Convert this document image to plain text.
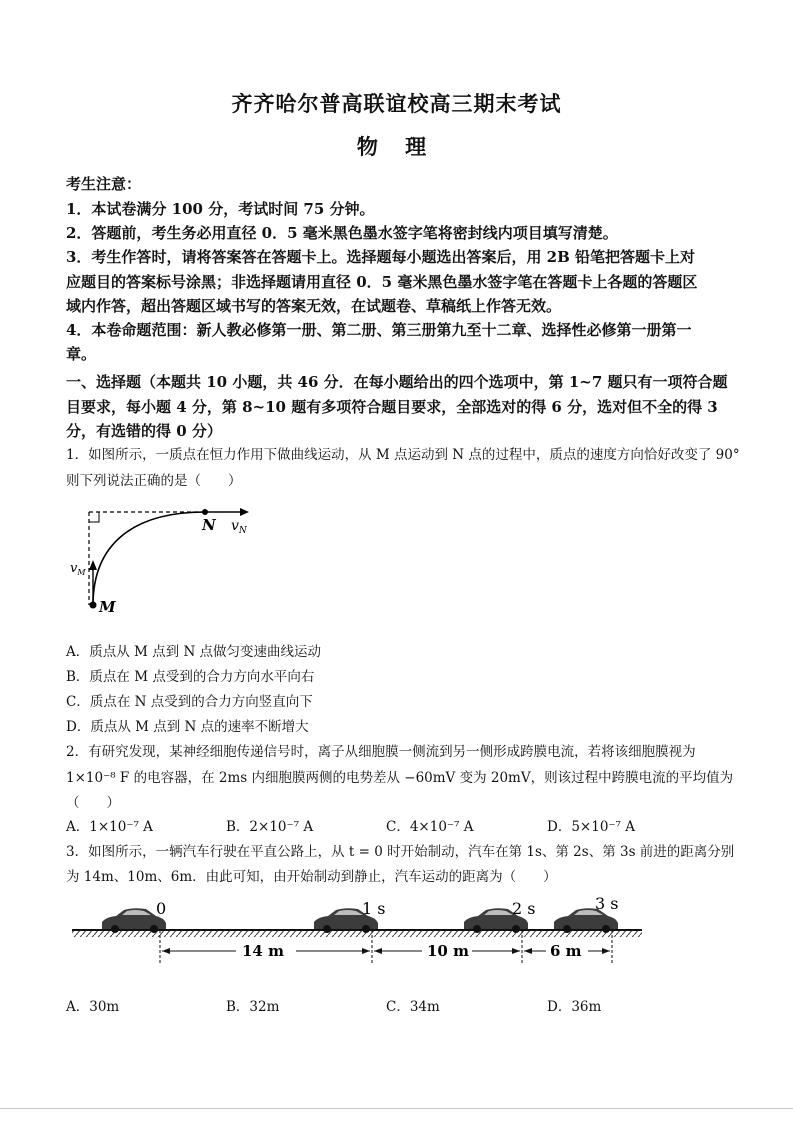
齐齐哈尔普高联谊校高三期末考试
物 理
考生注意：
1．本试卷满分 100 分，考试时间 75 分钟。
2．答题前，考生务必用直径 0．5 毫米黑色墨水签字笔将密封线内项目填写清楚。
3．考生作答时，请将答案答在答题卡上。选择题每小题选出答案后，用 2B 铅笔把答题卡上对
应题目的答案标号涂黑；非选择题请用直径 0．5 毫米黑色墨水签字笔在答题卡上各题的答题区
域内作答，超出答题区域书写的答案无效，在试题卷、草稿纸上作答无效。
4．本卷命题范围：新人教必修第一册、第二册、第三册第九至十二章、选择性必修第一册第一
章。
一、选择题（本题共 10 小题，共 46 分．在每小题给出的四个选项中，第 1~7 题只有一项符合题
目要求，每小题 4 分，第 8~10 题有多项符合题目要求，全部选对的得 6 分，选对但不全的得 3
分，有选错的得 0 分）
1．如图所示，一质点在恒力作用下做曲线运动，从 M 点运动到 N 点的过程中，质点的速度方向恰好改变了 90°
则下列说法正确的是（　　）
N $v_N$
$v_M$
M
A．质点从 M 点到 N 点做匀变速曲线运动
B．质点在 M 点受到的合力方向水平向右
C．质点在 N 点受到的合力方向竖直向下
D．质点从 M 点到 N 点的速率不断增大
2．有研究发现，某神经细胞传递信号时，离子从细胞膜一侧流到另一侧形成跨膜电流，若将该细胞膜视为
1×10⁻⁸ F 的电容器，在 2ms 内细胞膜两侧的电势差从 −60mV 变为 20mV，则该过程中跨膜电流的平均值为
（　　）
A．1×10⁻⁷ A	B．2×10⁻⁷ A	C．4×10⁻⁷ A	D．5×10⁻⁷ A
3．如图所示，一辆汽车行驶在平直公路上，从 t = 0 时开始制动，汽车在第 1s、第 2s、第 3s 前进的距离分别
为 14m、10m、6m．由此可知，由开始制动到静止，汽车运动的距离为（　　）
0	1 s	2 s	3 s
14 m	10 m	6 m
A．30m	B．32m	C．34m	D．36m
